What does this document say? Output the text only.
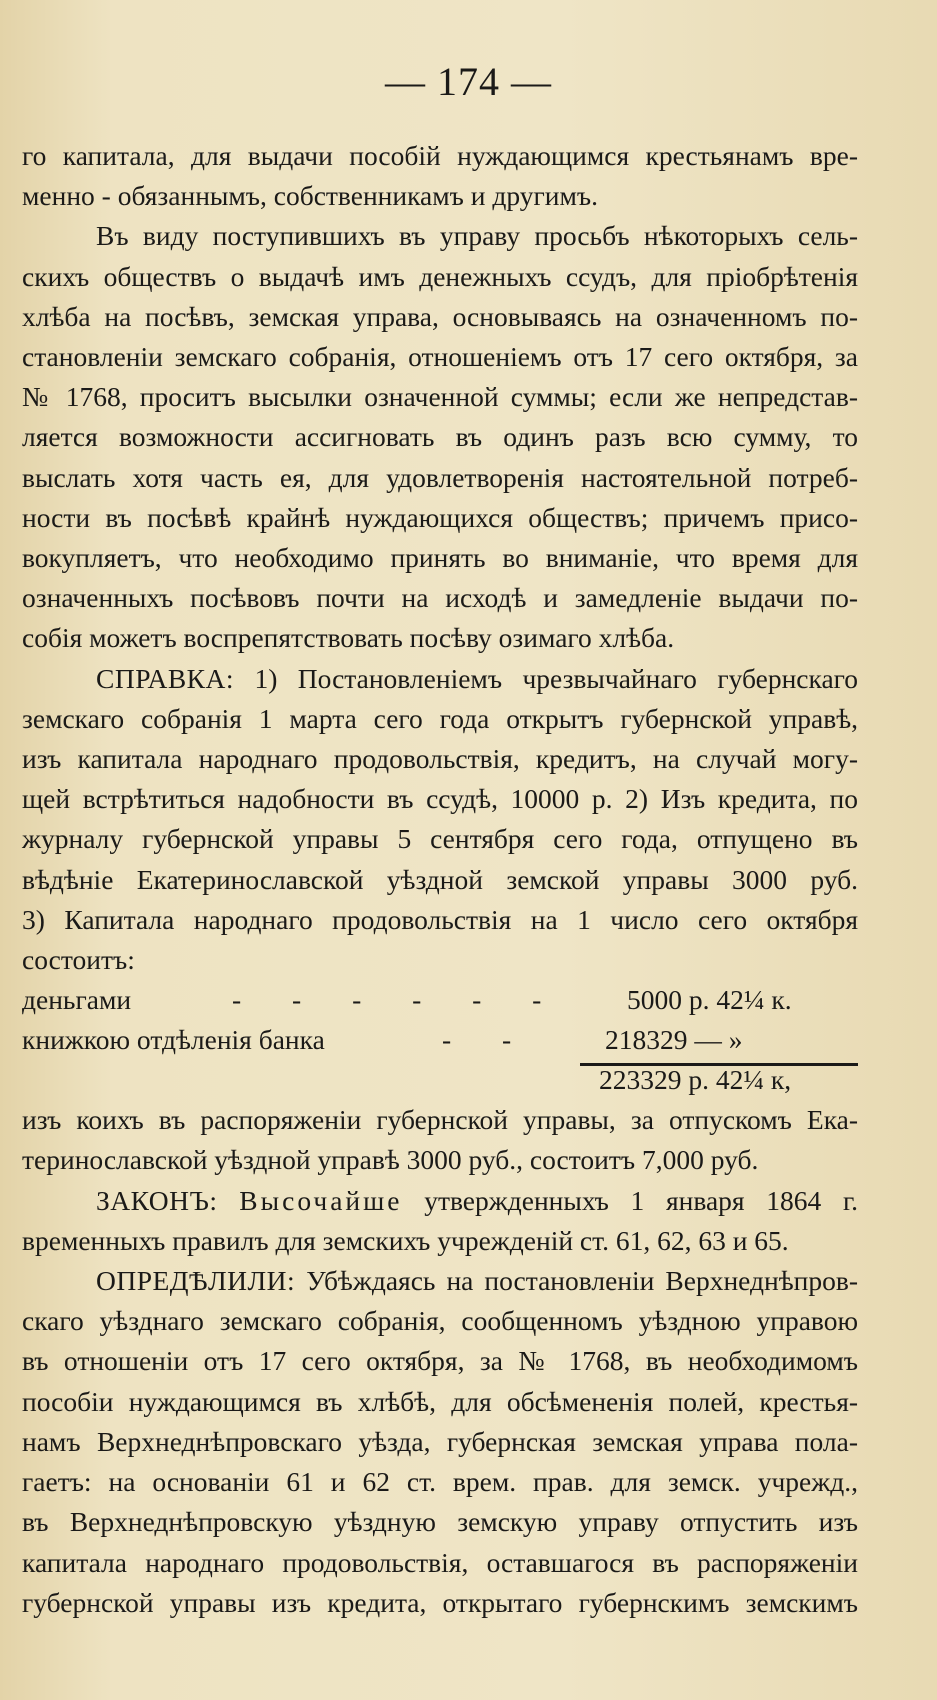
— 174 —

го капитала, для выдачи пособій нуждающимся крестьянамъ вре-

менно - обязаннымъ, собственникамъ и другимъ.

Въ виду поступившихъ въ управу просьбъ нѣкоторыхъ сель-

скихъ обществъ о выдачѣ имъ денежныхъ ссудъ, для пріобрѣтенія

хлѣба на посѣвъ, земская управа, основываясь на означенномъ по-

становленіи земскаго собранія, отношеніемъ отъ 17 сего октября, за

№ 1768, проситъ высылки означенной суммы; если же непредстав-

ляется возможности ассигновать въ одинъ разъ всю сумму, то

выслать хотя часть ея, для удовлетворенія настоятельной потреб-

ности въ посѣвѣ крайнѣ нуждающихся обществъ; причемъ присо-

вокупляетъ, что необходимо принять во вниманіе, что время для

означенныхъ посѣвовъ почти на исходѣ и замедленіе выдачи по-

собія можетъ воспрепятствовать посѣву озимаго хлѣба.

СПРАВКА: 1) Постановленіемъ чрезвычайнаго губернскаго

земскаго собранія 1 марта сего года открытъ губернской управѣ,

изъ капитала народнаго продовольствія, кредитъ, на случай могу-

щей встрѣтиться надобности въ ссудѣ, 10000 р. 2) Изъ кредита, по

журналу губернской управы 5 сентября сего года, отпущено въ

вѣдѣніе Екатеринославской уѣздной земской управы 3000 руб.

3) Капитала народнаго продовольствія на 1 число сего октября

состоитъ:

деньгами	- - - - - -	5000 р. 42¼ к.
книжкою отдѣленія банка	- -	218329 — »
223329 р. 42¼ к,

изъ коихъ въ распоряженіи губернской управы, за отпускомъ Ека-

теринославской уѣздной управѣ 3000 руб., состоитъ 7,000 руб.

ЗАКОНЪ: Высочайше утвержденныхъ 1 января 1864 г.

временныхъ правилъ для земскихъ учрежденій ст. 61, 62, 63 и 65.

ОПРЕДѢЛИЛИ: Убѣждаясь на постановленіи Верхнеднѣпров-

скаго уѣзднаго земскаго собранія, сообщенномъ уѣздною управою

въ отношеніи отъ 17 сего октября, за № 1768, въ необходимомъ

пособіи нуждающимся въ хлѣбѣ, для обсѣмененія полей, крестья-

намъ Верхнеднѣпровскаго уѣзда, губернская земская управа пола-

гаетъ: на основаніи 61 и 62 ст. врем. прав. для земск. учрежд.,

въ Верхнеднѣпровскую уѣздную земскую управу отпустить изъ

капитала народнаго продовольствія, оставшагося въ распоряженіи

губернской управы изъ кредита, открытаго губернскимъ земскимъ
